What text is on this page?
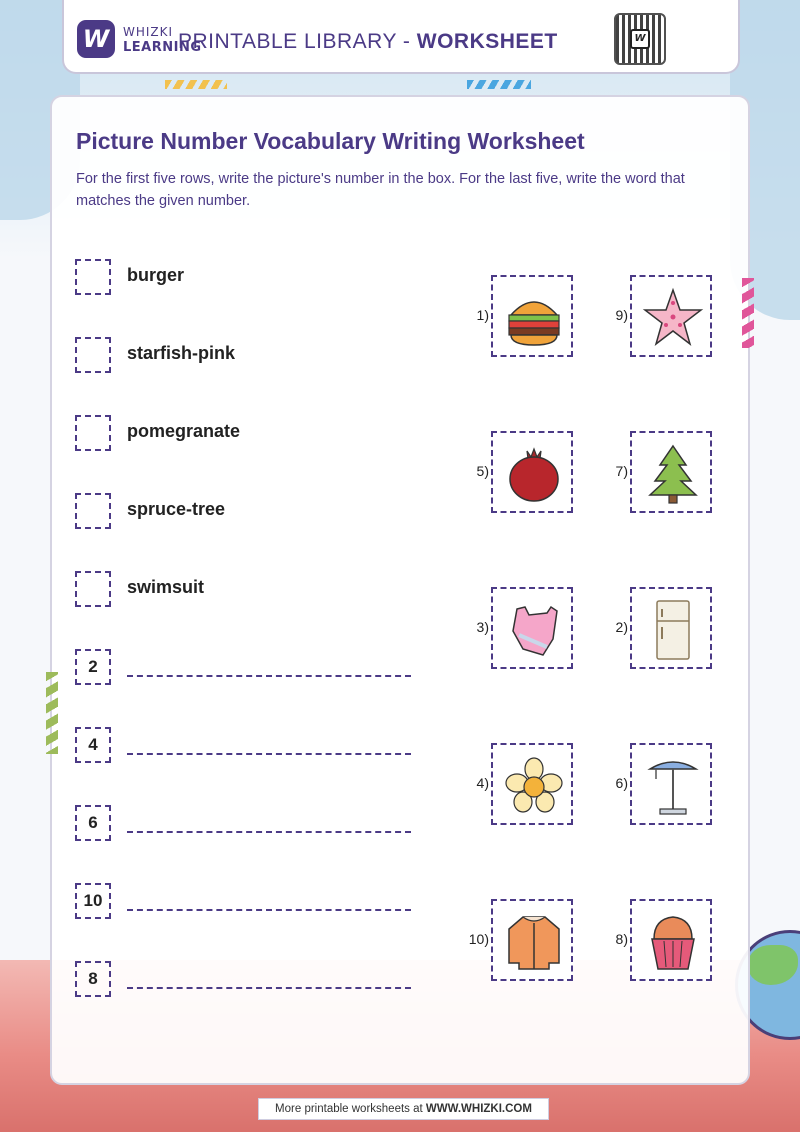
W	WHIZKI
LEARNING
PRINTABLE LIBRARY - WORKSHEET	W
Picture Number Vocabulary Writing Worksheet
For the first five rows, write the picture's number in the box. For the last five, write the word that matches the given number.
burger
starfish-pink
pomegranate
spruce-tree
swimsuit
2
4
6
10
8
1)	9)
5)	7)
3)	2)
4)	6)
10)	8)
More printable worksheets at WWW.WHIZKI.COM
